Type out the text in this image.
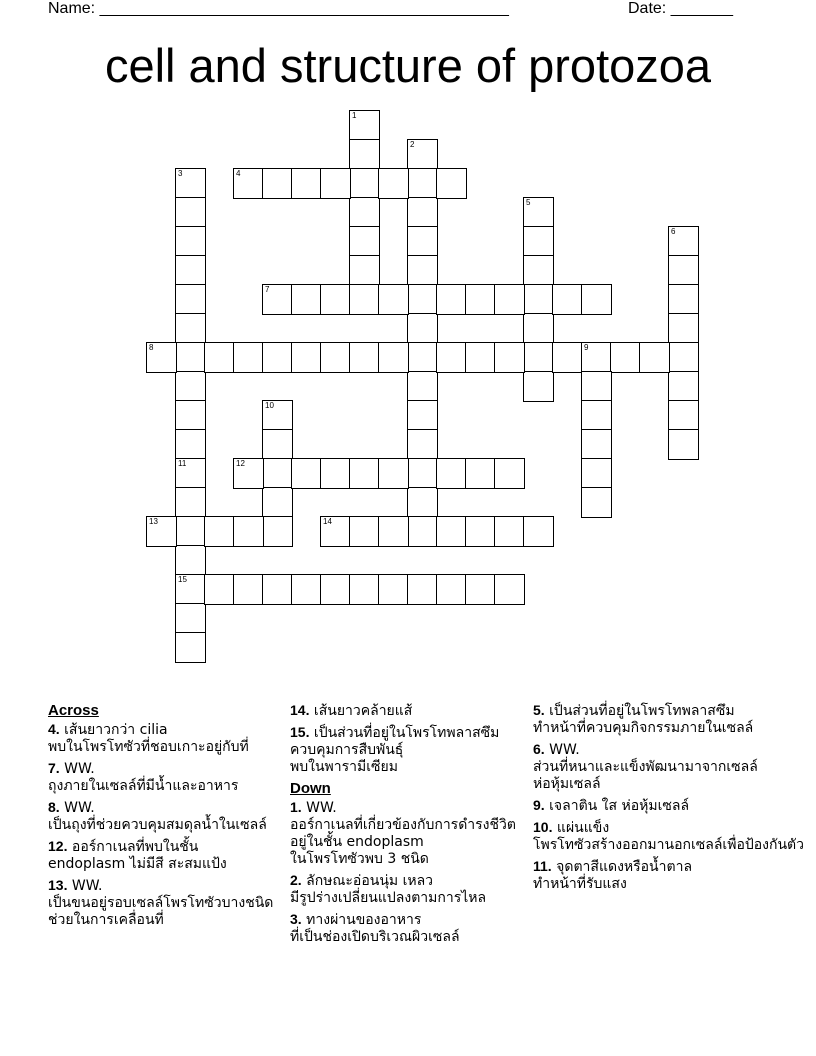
Name: ______________________________________________	Date: _______
cell and structure of protozoa
1
2
3	4
5
6
7
8	9
10
11
15
12
13	14
Across
4. เส้นยาวกว่า cilia
พบในโพรโทซัวที่ชอบเกาะอยู่กับที่
7. WW.
ถุงภายในเซลล์ที่มีน้ำและอาหาร
8. WW.
เป็นถุงที่ช่วยควบคุมสมดุลน้ำในเซลล์
12. ออร์กาเนลที่พบในชั้น
endoplasm ไม่มีสี สะสมแป้ง
13. WW.
เป็นขนอยู่รอบเซลล์โพรโทซัวบางชนิด
ช่วยในการเคลื่อนที่
14. เส้นยาวคล้ายแส้
15. เป็นส่วนที่อยู่ในโพรโทพลาสซึม
ควบคุมการสืบพันธุ์
พบในพารามีเซียม
Down
1. WW.
ออร์กาเนลที่เกี่ยวข้องกับการดำรงชีวิต
อยู่ในชั้น endoplasm
ในโพรโทซัวพบ 3 ชนิด
2. ลักษณะอ่อนนุ่ม เหลว
มีรูปร่างเปลี่ยนแปลงตามการไหล
3. ทางผ่านของอาหาร
ที่เป็นช่องเปิดบริเวณผิวเซลล์
5. เป็นส่วนที่อยู่ในโพรโทพลาสซึม
ทำหน้าที่ควบคุมกิจกรรมภายในเซลล์
6. WW.
ส่วนที่หนาและแข็งพัฒนามาจากเซลล์
ห่อหุ้มเซลล์
9. เจลาติน ใส ห่อหุ้มเซลล์
10. แผ่นแข็ง
โพรโทซัวสร้างออกมานอกเซลล์เพื่อป้องกันตัว
11. จุดตาสีแดงหรือน้ำตาล
ทำหน้าที่รับแสง
